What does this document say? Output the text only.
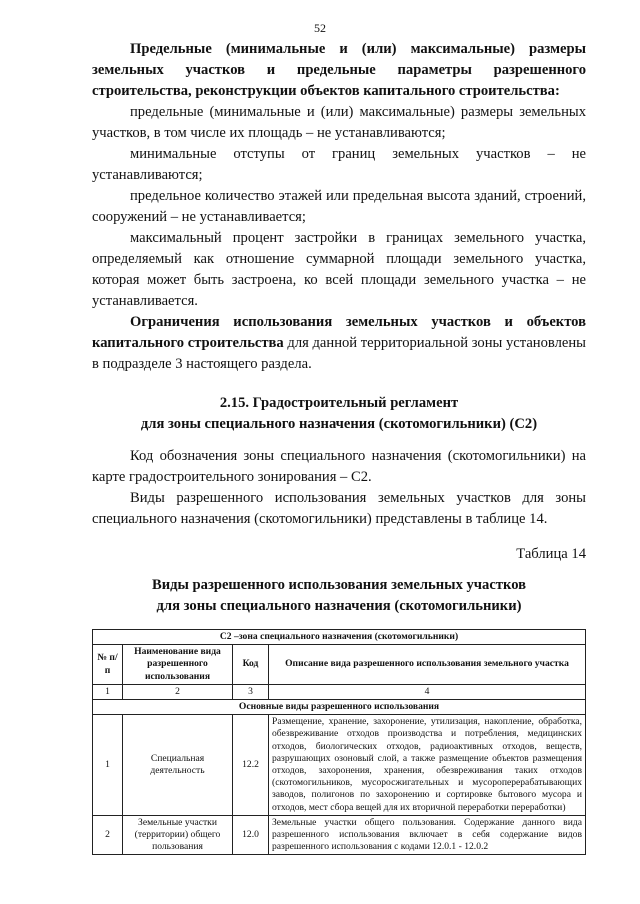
52

Предельные (минимальные и (или) максимальные) размеры земельных участков и предельные параметры разрешенного строительства, реконструкции объектов капитального строительства:

предельные (минимальные и (или) максимальные) размеры земельных участков, в том числе их площадь – не устанавливаются;

минимальные отступы от границ земельных участков – не устанавливаются;

предельное количество этажей или предельная высота зданий, строений, сооружений – не устанавливается;

максимальный процент застройки в границах земельного участка, определяемый как отношение суммарной площади земельного участка, которая может быть застроена, ко всей площади земельного участка – не устанавливается.

Ограничения использования земельных участков и объектов капитального строительства для данной территориальной зоны установлены в подразделе 3 настоящего раздела.

2.15. Градостроительный регламент

для зоны специального назначения (скотомогильники) (С2)

Код обозначения зоны специального назначения (скотомогильники) на карте градостроительного зонирования – С2.

Виды разрешенного использования земельных участков для зоны специального назначения (скотомогильники) представлены в таблице 14.

Таблица 14

Виды разрешенного использования земельных участков

для зоны специального назначения (скотомогильники)

С2 –зона специального назначения (скотомогильники)			
№ п/п	Наименование вида разрешенного использования	Код	Описание вида разрешенного использования земельного участка
1	2	3	4
Основные виды разрешенного использования			
1	Специальная деятельность	12.2	Размещение, хранение, захоронение, утилизация, накопление, обработка, обезвреживание отходов производства и потребления, медицинских отходов, биологических отходов, радиоактивных отходов, веществ, разрушающих озоновый слой, а также размещение объектов размещения отходов, захоронения, хранения, обезвреживания таких отходов (скотомогильников, мусоросжигательных и мусороперерабатывающих заводов, полигонов по захоронению и сортировке бытового мусора и отходов, мест сбора вещей для их вторичной переработки переработки)
2	Земельные участки (территории) общего пользования	12.0	Земельные участки общего пользования. Содержание данного вида разрешенного использования включает в себя содержание видов разрешенного использования с кодами 12.0.1 - 12.0.2
